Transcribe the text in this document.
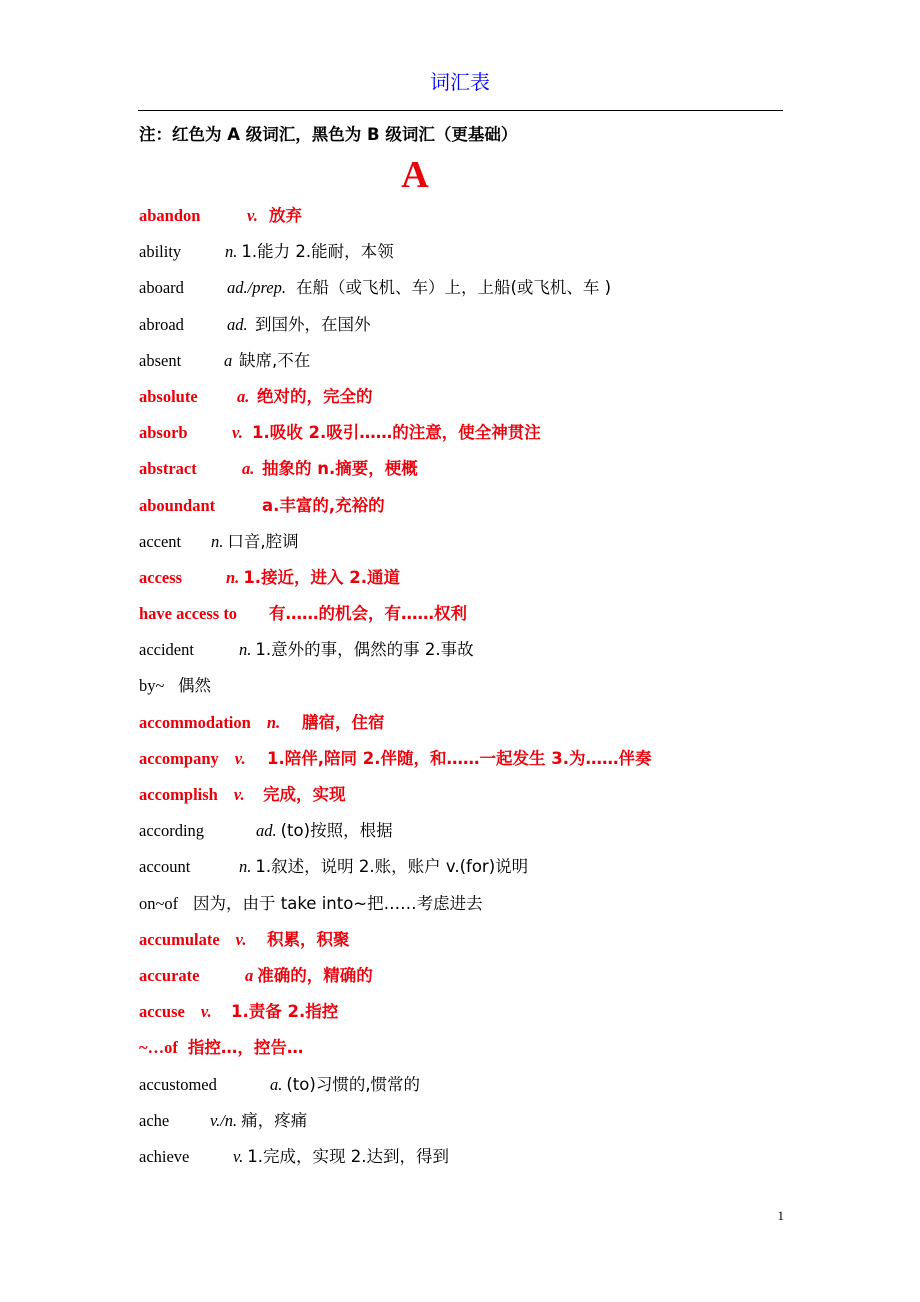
词汇表
注：红色为 A 级词汇，黑色为 B 级词汇（更基础）
A
abandon	v. 放弃
ability	n. 1.能力 2.能耐，本领
aboard	ad./prep. 在船（或飞机、车）上，上船(或飞机、车 )
abroad	ad. 到国外，在国外
absent	a 缺席,不在
absolute a. 绝对的，完全的
absorb	v. 1.吸收 2.吸引……的注意，使全神贯注
abstract	a. 抽象的 n.摘要，梗概
aboundant	a.丰富的,充裕的
accent n. 口音,腔调
access	n. 1.接近，进入 2.通道
have access to 有……的机会，有……权利
accident	n. 1.意外的事，偶然的事 2.事故
by~ 偶然
accommodation n. 膳宿，住宿
accompany v. 1.陪伴,陪同 2.伴随，和……一起发生 3.为……伴奏
accomplish v. 完成，实现
according	ad. (to)按照，根据
account	n. 1.叙述，说明 2.账，账户 v.(for)说明
on~of 因为，由于 take into~把……考虑进去
accumulate v. 积累，积聚
accurate	a 准确的，精确的
accuse v. 1.责备 2.指控
~…of 指控…，控告…
accustomed	a. (to)习惯的,惯常的
ache v./n. 痛，疼痛
achieve	v. 1.完成，实现 2.达到，得到
1
